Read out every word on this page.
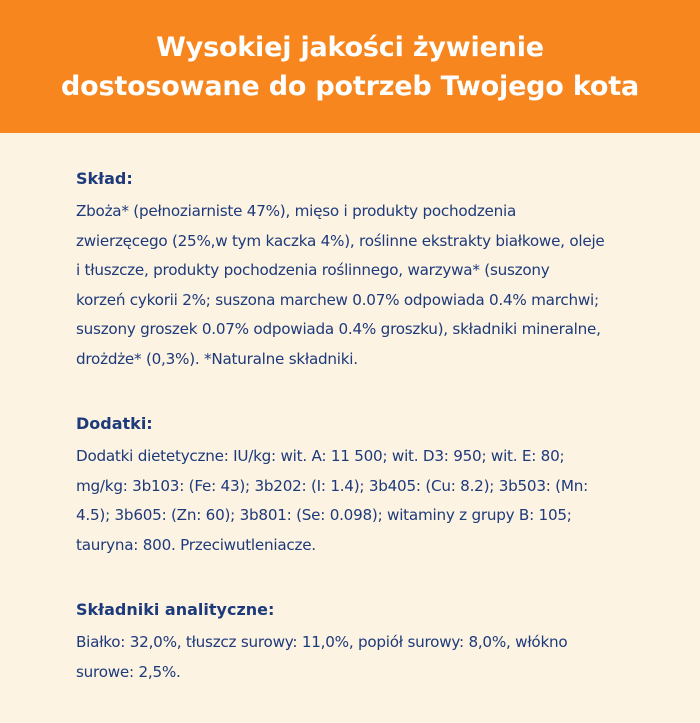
Wysokiej jakości żywienie
dostosowane do potrzeb Twojego kota
Skład:

Zboża* (pełnoziarniste 47%), mięso i produkty pochodzenia
zwierzęcego (25%,w tym kaczka 4%), roślinne ekstrakty białkowe, oleje
i tłuszcze, produkty pochodzenia roślinnego, warzywa* (suszony
korzeń cykorii 2%; suszona marchew 0.07% odpowiada 0.4% marchwi;
suszony groszek 0.07% odpowiada 0.4% groszku), składniki mineralne,
drożdże* (0,3%). *Naturalne składniki.

Dodatki:

Dodatki dietetyczne: IU/kg: wit. A: 11 500; wit. D3: 950; wit. E: 80;
mg/kg: 3b103: (Fe: 43); 3b202: (I: 1.4); 3b405: (Cu: 8.2); 3b503: (Mn:
4.5); 3b605: (Zn: 60); 3b801: (Se: 0.098); witaminy z grupy B: 105;
tauryna: 800. Przeciwutleniacze.

Składniki analityczne:

Białko: 32,0%, tłuszcz surowy: 11,0%, popiół surowy: 8,0%, włókno
surowe: 2,5%.
